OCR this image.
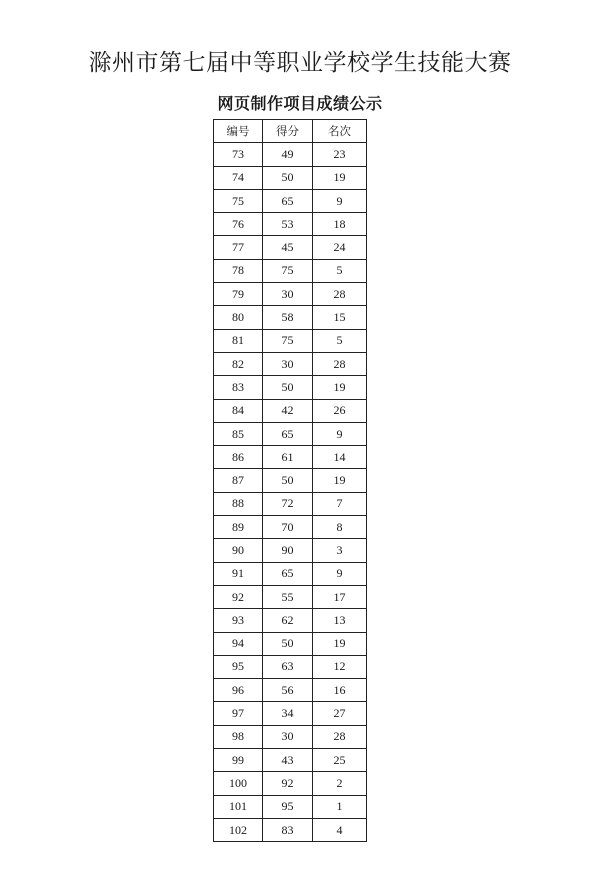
滁州市第七届中等职业学校学生技能大赛
网页制作项目成绩公示
编号	得分	名次
73	49	23
74	50	19
75	65	9
76	53	18
77	45	24
78	75	5
79	30	28
80	58	15
81	75	5
82	30	28
83	50	19
84	42	26
85	65	9
86	61	14
87	50	19
88	72	7
89	70	8
90	90	3
91	65	9
92	55	17
93	62	13
94	50	19
95	63	12
96	56	16
97	34	27
98	30	28
99	43	25
100	92	2
101	95	1
102	83	4
